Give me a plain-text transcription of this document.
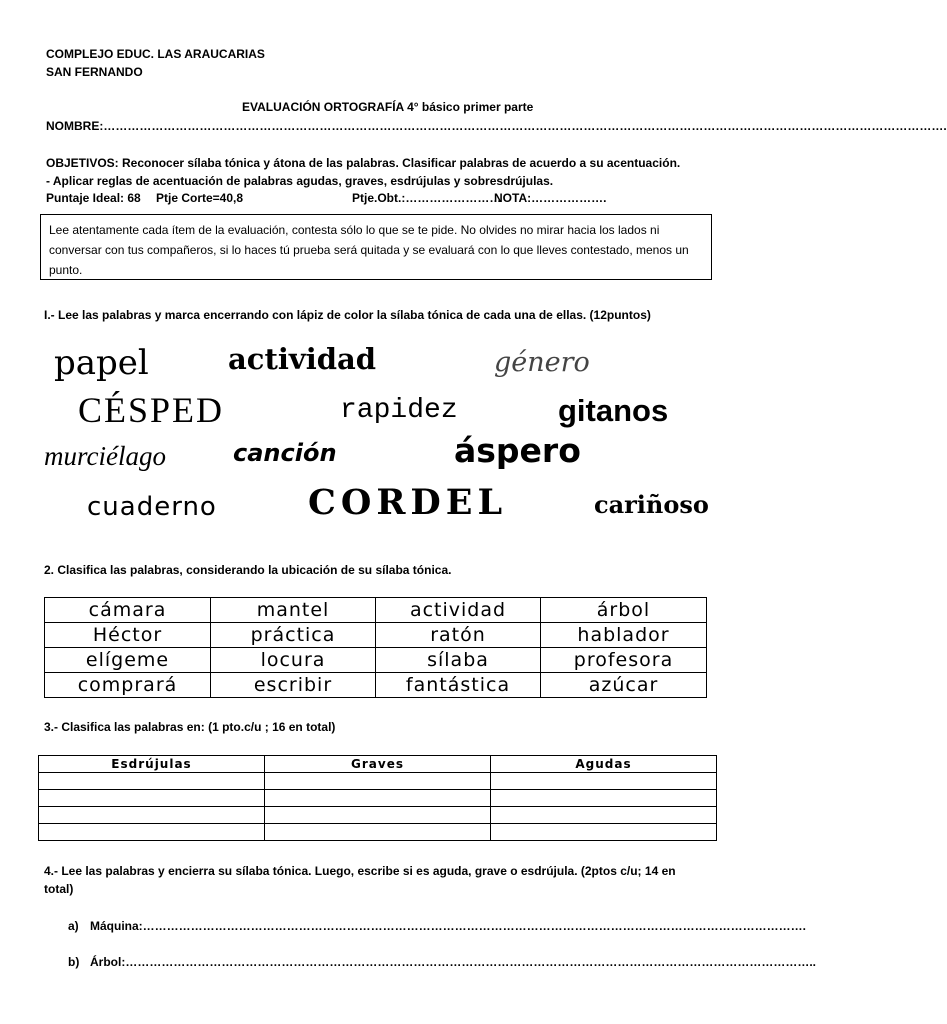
COMPLEJO EDUC. LAS ARAUCARIAS
SAN FERNANDO
EVALUACIÓN ORTOGRAFÍA 4° básico primer parte
NOMBRE:………………………………………………………………………………………………………………………………………………………………………………………….
OBJETIVOS: Reconocer sílaba tónica y átona de las palabras. Clasificar palabras de acuerdo a su acentuación.
- Aplicar reglas de acentuación de palabras agudas, graves, esdrújulas y sobresdrújulas.
Puntaje Ideal: 68 Ptje Corte=40,8	Ptje.Obt.:……………………
NOTA:……………….
Lee atentamente cada ítem de la evaluación, contesta sólo lo que se te pide. No olvides no mirar hacia los lados ni conversar con tus compañeros, si lo haces tú prueba será quitada y se evaluará con lo que lleves contestado, menos un punto.
I.- Lee las palabras y marca encerrando con lápiz de color la sílaba tónica de cada una de ellas. (12puntos)
papel	actividad	género
CÉSPED	rapidez	gitanos
murciélago	canción	áspero
cuaderno	CORDEL	cariñoso
2. Clasifica las palabras, considerando la ubicación de su sílaba tónica.
cámara	mantel	actividad	árbol
Héctor	práctica	ratón	hablador
elígeme	locura	sílaba	profesora
comprará	escribir	fantástica	azúcar
3.- Clasifica las palabras en: (1 pto.c/u ; 16 en total)
Esdrújulas	Graves	Agudas

4.- Lee las palabras y encierra su sílaba tónica. Luego, escribe si es aguda, grave o esdrújula. (2ptos c/u; 14 en
total)
a) Máquina:………………………………………………………………………………………………………………………………………………….
b) Árbol:………………………………………………………………………………………………………………………………………………………..
